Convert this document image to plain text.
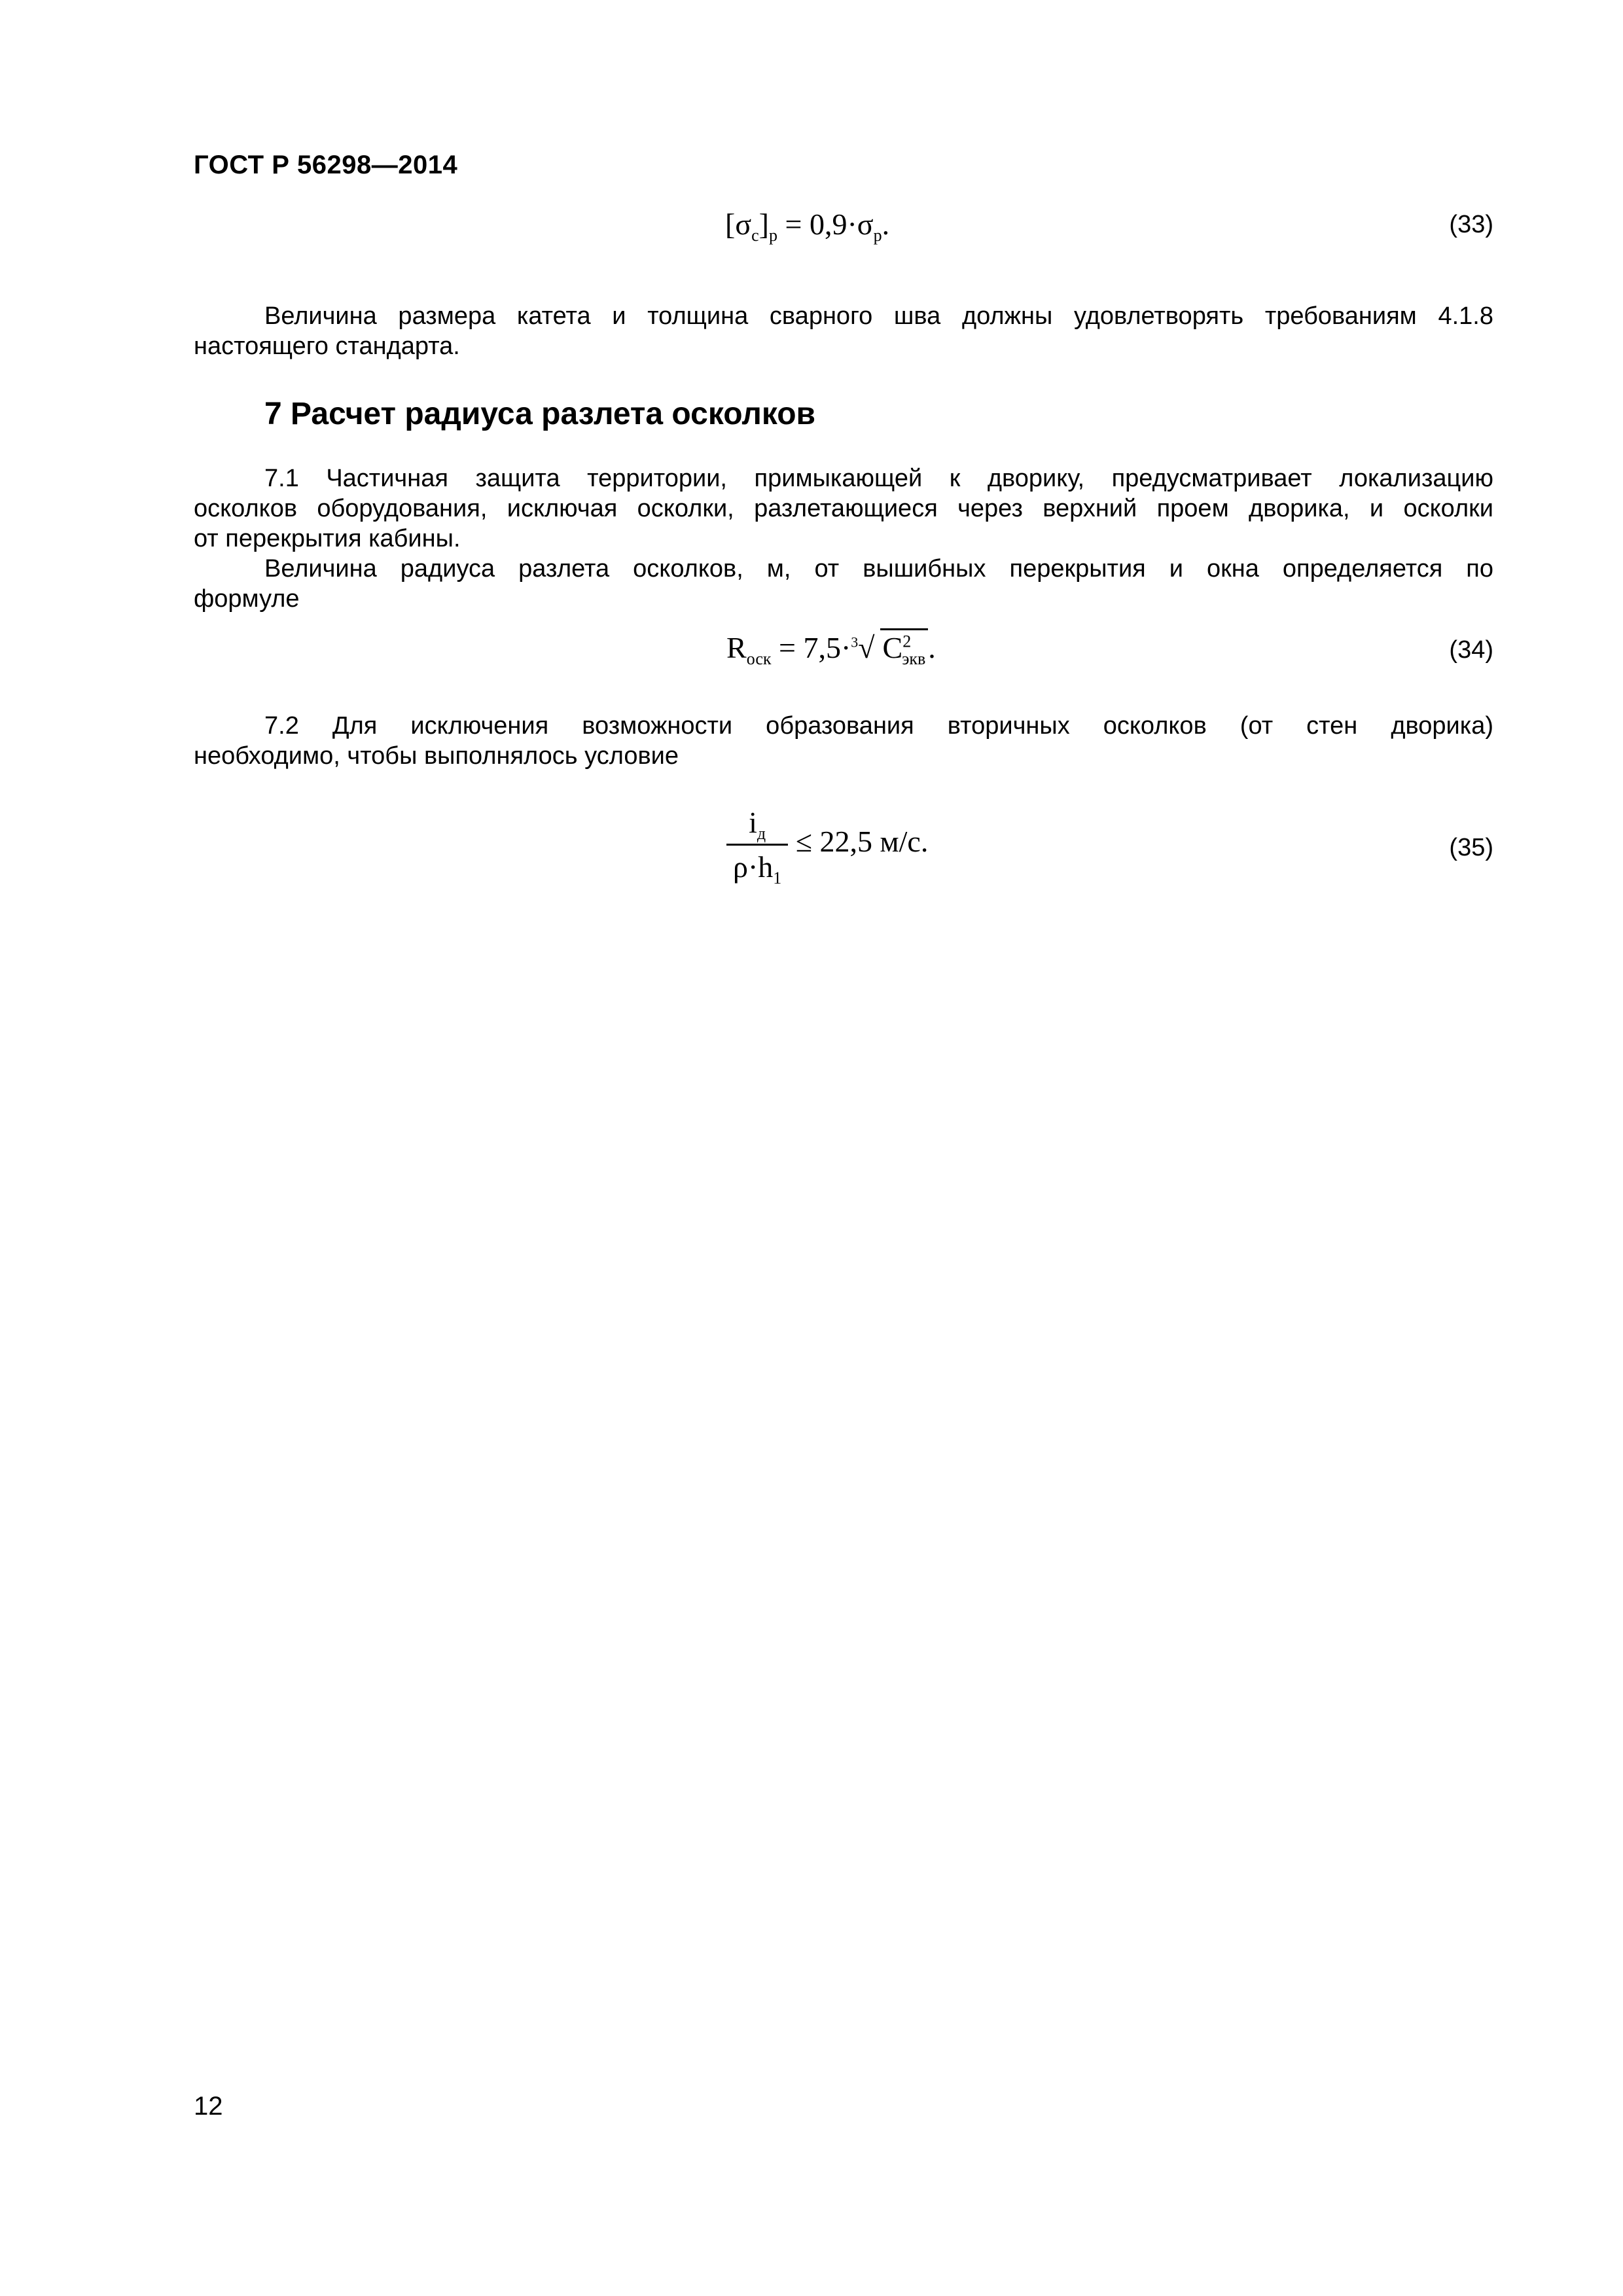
ГОСТ Р 56298—2014
$[\sigma_c]_p = 0,9\cdot\sigma_p$.	(33)
Величина размера катета и толщина сварного шва должны удовлетворять требованиям 4.1.8
настоящего стандарта.
7 Расчет радиуса разлета осколков
7.1 Частичная защита территории, примыкающей к дворику, предусматривает локализацию
осколков оборудования, исключая осколки, разлетающиеся через верхний проем дворика, и осколки
от перекрытия кабины.
Величина радиуса разлета осколков, м, от вышибных перекрытия и окна определяется по
формуле
$R_{оск} = 7,5\cdot^3√$ $C^2_{экв}$.	(34)
7.2 Для исключения возможности образования вторичных осколков (от стен дворика)
необходимо, чтобы выполнялось условие
$\frac{i_д}{\rho\cdot h_1} \le 22,5$ м/с.	(35)
12
